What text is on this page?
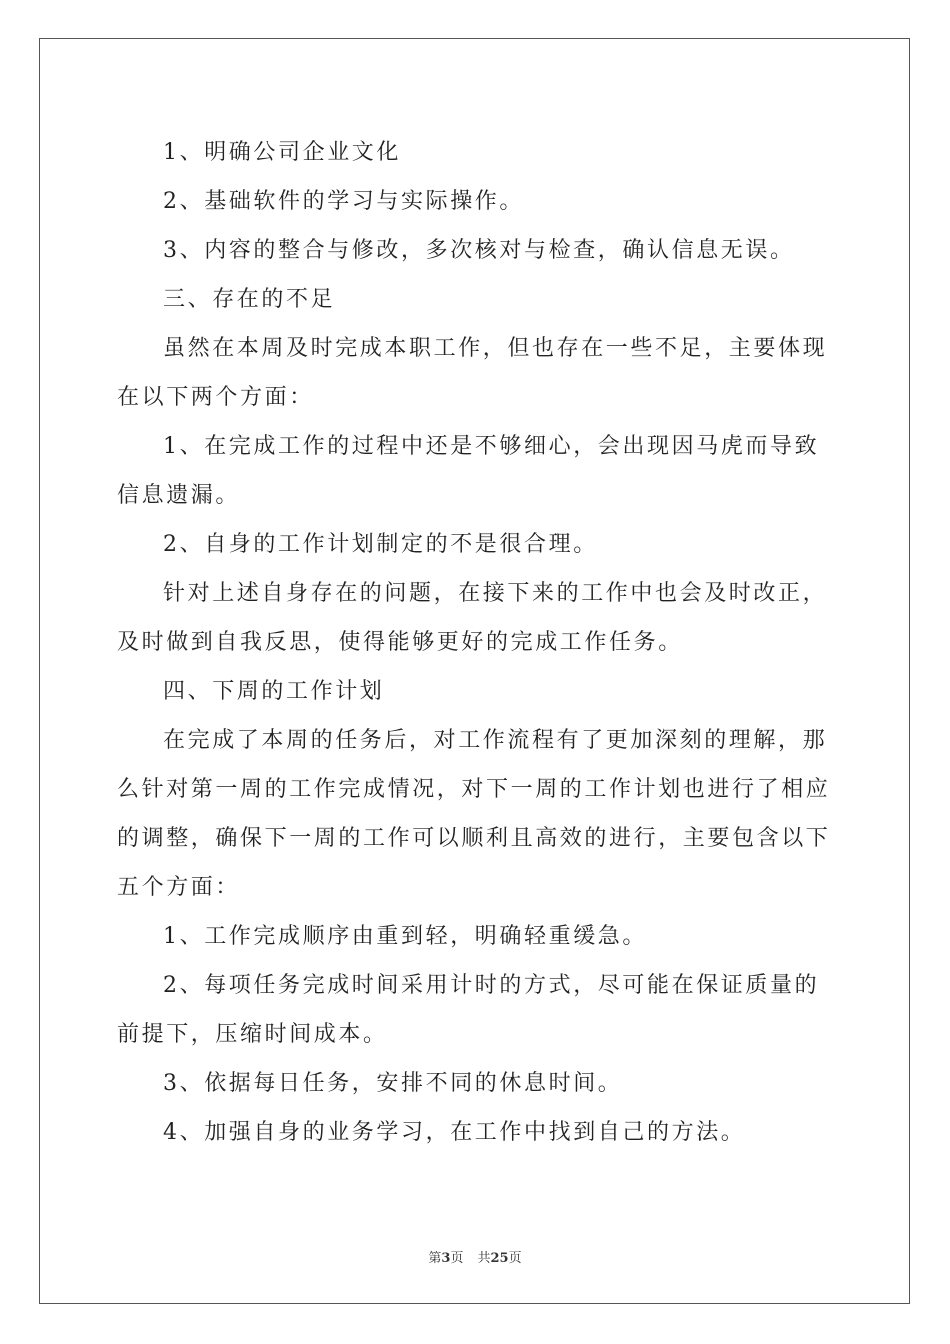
1、明确公司企业文化

2、基础软件的学习与实际操作。

3、内容的整合与修改，多次核对与检查，确认信息无误。

三、存在的不足

虽然在本周及时完成本职工作，但也存在一些不足，主要体现在以下两个方面：

1、在完成工作的过程中还是不够细心，会出现因马虎而导致信息遗漏。

2、自身的工作计划制定的不是很合理。

针对上述自身存在的问题，在接下来的工作中也会及时改正，及时做到自我反思，使得能够更好的完成工作任务。

四、下周的工作计划

在完成了本周的任务后，对工作流程有了更加深刻的理解，那么针对第一周的工作完成情况，对下一周的工作计划也进行了相应的调整，确保下一周的工作可以顺利且高效的进行，主要包含以下五个方面：

1、工作完成顺序由重到轻，明确轻重缓急。

2、每项任务完成时间采用计时的方式，尽可能在保证质量的前提下，压缩时间成本。

3、依据每日任务，安排不同的休息时间。

4、加强自身的业务学习，在工作中找到自己的方法。

第3页 共25页
